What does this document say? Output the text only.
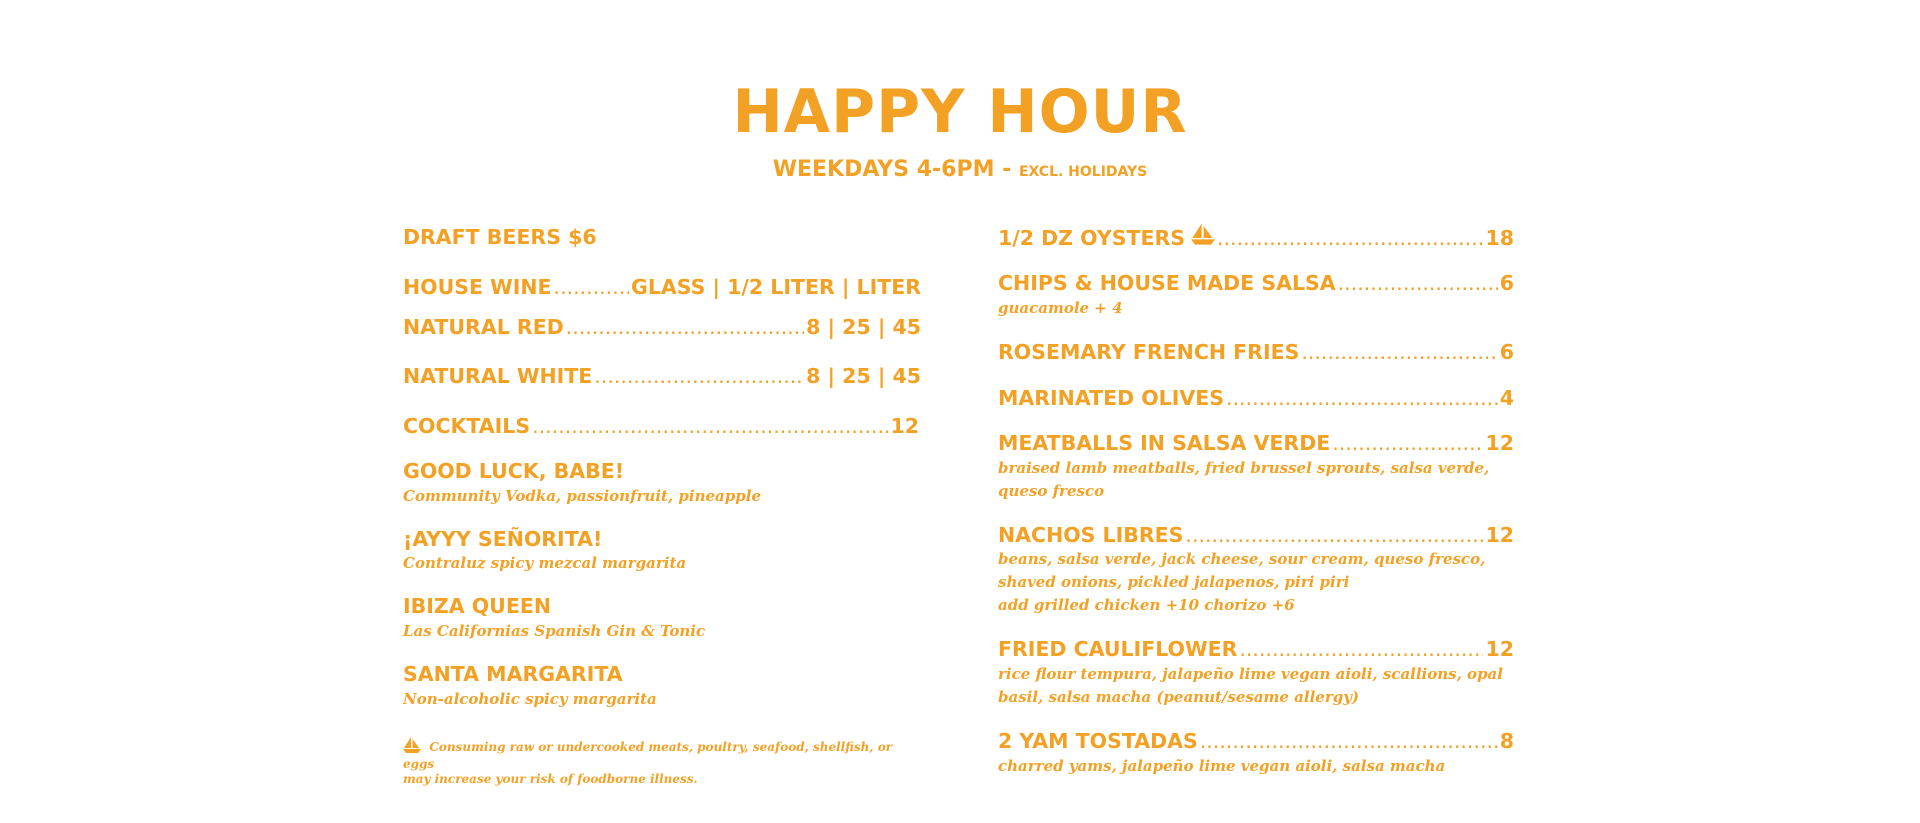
HAPPY HOUR
WEEKDAYS 4-6PM - EXCL. HOLIDAYS
DRAFT BEERS $6
HOUSE WINE .....	GLASS | 1/2 LITER | LITER
NATURAL RED .....	8 | 25 | 45
NATURAL WHITE .....	8 | 25 | 45
COCKTAILS .....	12
GOOD LUCK, BABE!
Community Vodka, passionfruit, pineapple
¡AYYY SEÑORITA!
Contraluz spicy mezcal margarita
IBIZA QUEEN
Las Californias Spanish Gin & Tonic
SANTA MARGARITA
Non-alcoholic spicy margarita
Consuming raw or undercooked meats, poultry, seafood, shellfish, or eggs
may increase your risk of foodborne illness.
1/2 DZ OYSTERS .....	18
CHIPS & HOUSE MADE SALSA .....	6
guacamole + 4
ROSEMARY FRENCH FRIES .....	6
MARINATED OLIVES .....	4
MEATBALLS IN SALSA VERDE .....	12
braised lamb meatballs, fried brussel sprouts, salsa verde,
queso fresco
NACHOS LIBRES .....	12
beans, salsa verde, jack cheese, sour cream, queso fresco,
shaved onions, pickled jalapenos, piri piri
add grilled chicken +10 chorizo +6
FRIED CAULIFLOWER .....	12
rice flour tempura, jalapeño lime vegan aioli, scallions, opal
basil, salsa macha (peanut/sesame allergy)
2 YAM TOSTADAS .....	8
charred yams, jalapeño lime vegan aioli, salsa macha
